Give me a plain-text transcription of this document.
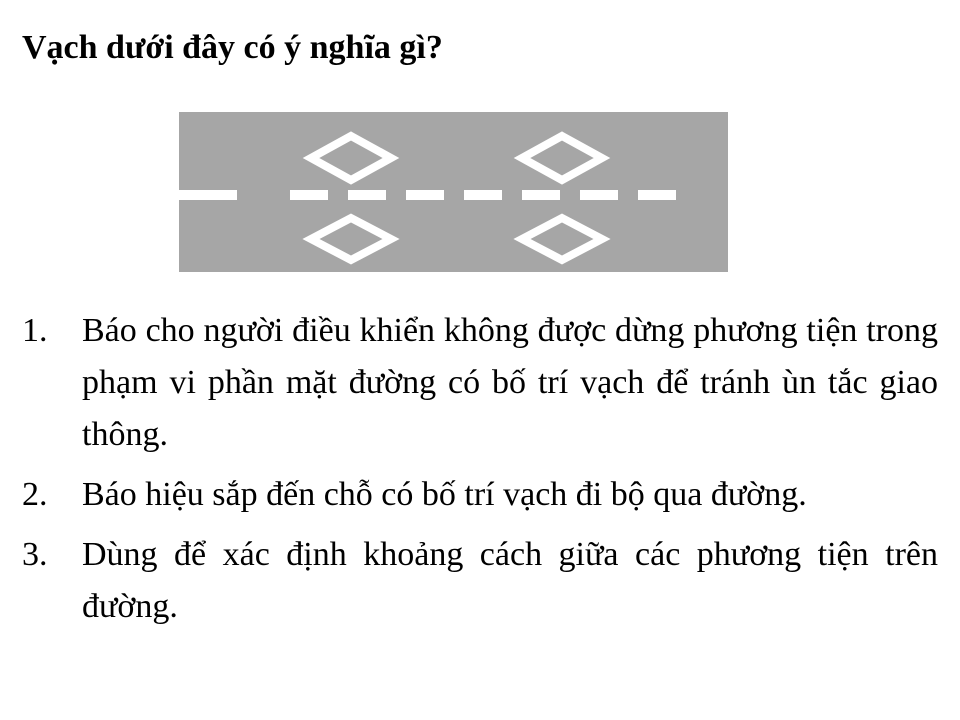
Vạch dưới đây có ý nghĩa gì?
1. Báo cho người điều khiển không được dừng phương tiện trong phạm vi phần mặt đường có bố trí vạch để tránh ùn tắc giao thông.
2. Báo hiệu sắp đến chỗ có bố trí vạch đi bộ qua đường.
3. Dùng để xác định khoảng cách giữa các phương tiện trên đường.
